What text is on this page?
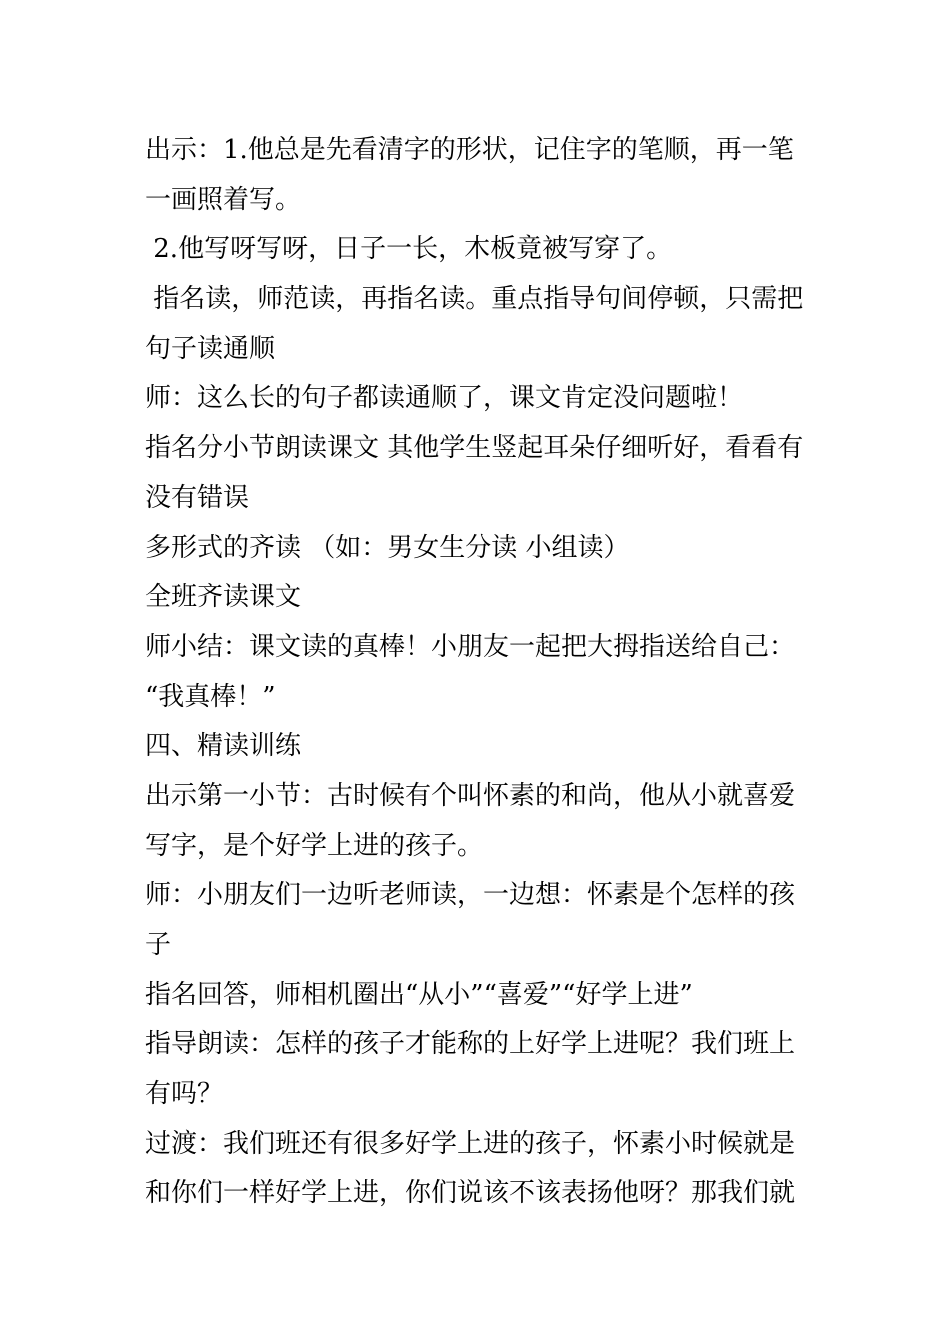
出示：1.他总是先看清字的形状，记住字的笔顺，再一笔
一画照着写。
2.他写呀写呀，日子一长，木板竟被写穿了。
指名读，师范读，再指名读。重点指导句间停顿，只需把
句子读通顺
师：这么长的句子都读通顺了，课文肯定没问题啦！
指名分小节朗读课文 其他学生竖起耳朵仔细听好，看看有
没有错误
多形式的齐读 （如：男女生分读 小组读）
全班齐读课文
师小结：课文读的真棒！小朋友一起把大拇指送给自己：
“我真棒！”
四、精读训练
出示第一小节：古时候有个叫怀素的和尚，他从小就喜爱
写字，是个好学上进的孩子。
师：小朋友们一边听老师读，一边想：怀素是个怎样的孩
子
指名回答，师相机圈出“从小”“喜爱”“好学上进”
指导朗读：怎样的孩子才能称的上好学上进呢？我们班上
有吗？
过渡：我们班还有很多好学上进的孩子，怀素小时候就是
和你们一样好学上进，你们说该不该表扬他呀？那我们就
